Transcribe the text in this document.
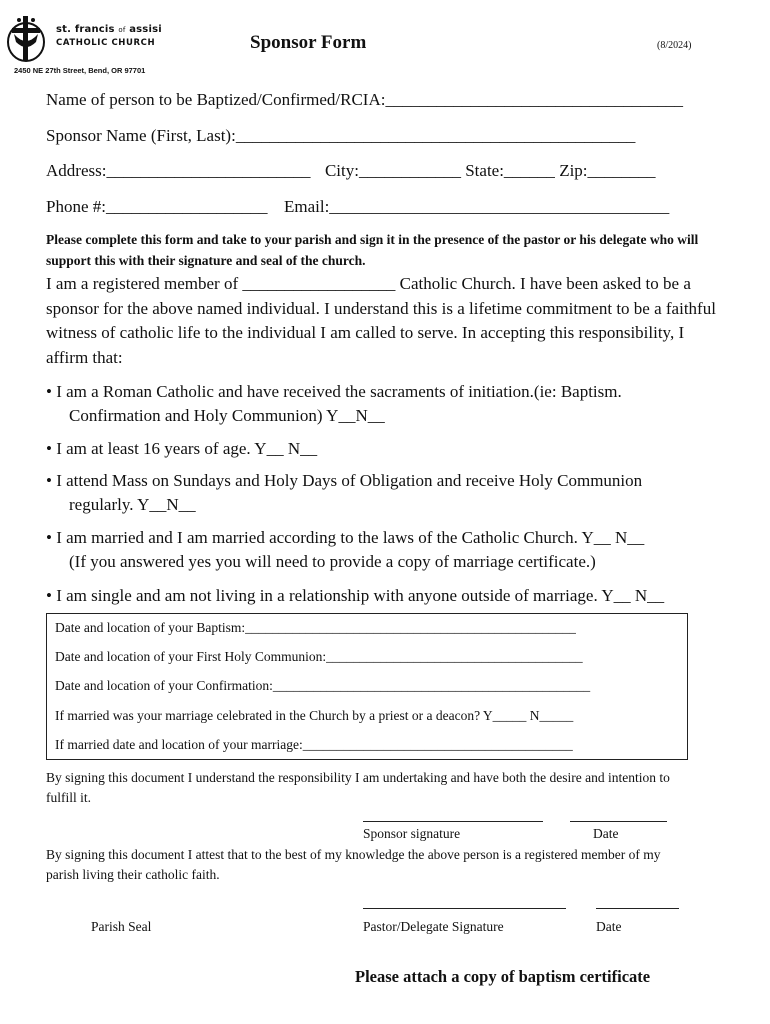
st. francis of assisi
CATHOLIC CHURCH
2450 NE 27th Street, Bend, OR 97701
Sponsor Form	(8/2024)
Name of person to be Baptized/Confirmed/RCIA:___________________________________
Sponsor Name (First, Last):_______________________________________________
Address:________________________ City:____________ State:______ Zip:________
Phone #:___________________ Email:________________________________________
Please complete this form and take to your parish and sign it in the presence of the pastor or his delegate who will support this with their signature and seal of the church.
I am a registered member of __________________ Catholic Church. I have been asked to be a sponsor for the above named individual. I understand this is a lifetime commitment to be a faithful witness of catholic life to the individual I am called to serve. In accepting this responsibility, I affirm that:
• I am a Roman Catholic and have received the sacraments of initiation.(ie: Baptism.
Confirmation and Holy Communion) Y__N__
• I am at least 16 years of age. Y__ N__
• I attend Mass on Sundays and Holy Days of Obligation and receive Holy Communion
regularly. Y__N__
• I am married and I am married according to the laws of the Catholic Church. Y__ N__
(If you answered yes you will need to provide a copy of marriage certificate.)
• I am single and am not living in a relationship with anyone outside of marriage. Y__ N__
Date and location of your Baptism:_________________________________________________
Date and location of your First Holy Communion:______________________________________
Date and location of your Confirmation:_______________________________________________
If married was your marriage celebrated in the Church by a priest or a deacon? Y_____ N_____
If married date and location of your marriage:________________________________________
By signing this document I understand the responsibility I am undertaking and have both the desire and intention to fulfill it.
Sponsor signature	Date
By signing this document I attest that to the best of my knowledge the above person is a registered member of my parish living their catholic faith.
Parish Seal	Pastor/Delegate Signature	Date
Please attach a copy of baptism certificate
